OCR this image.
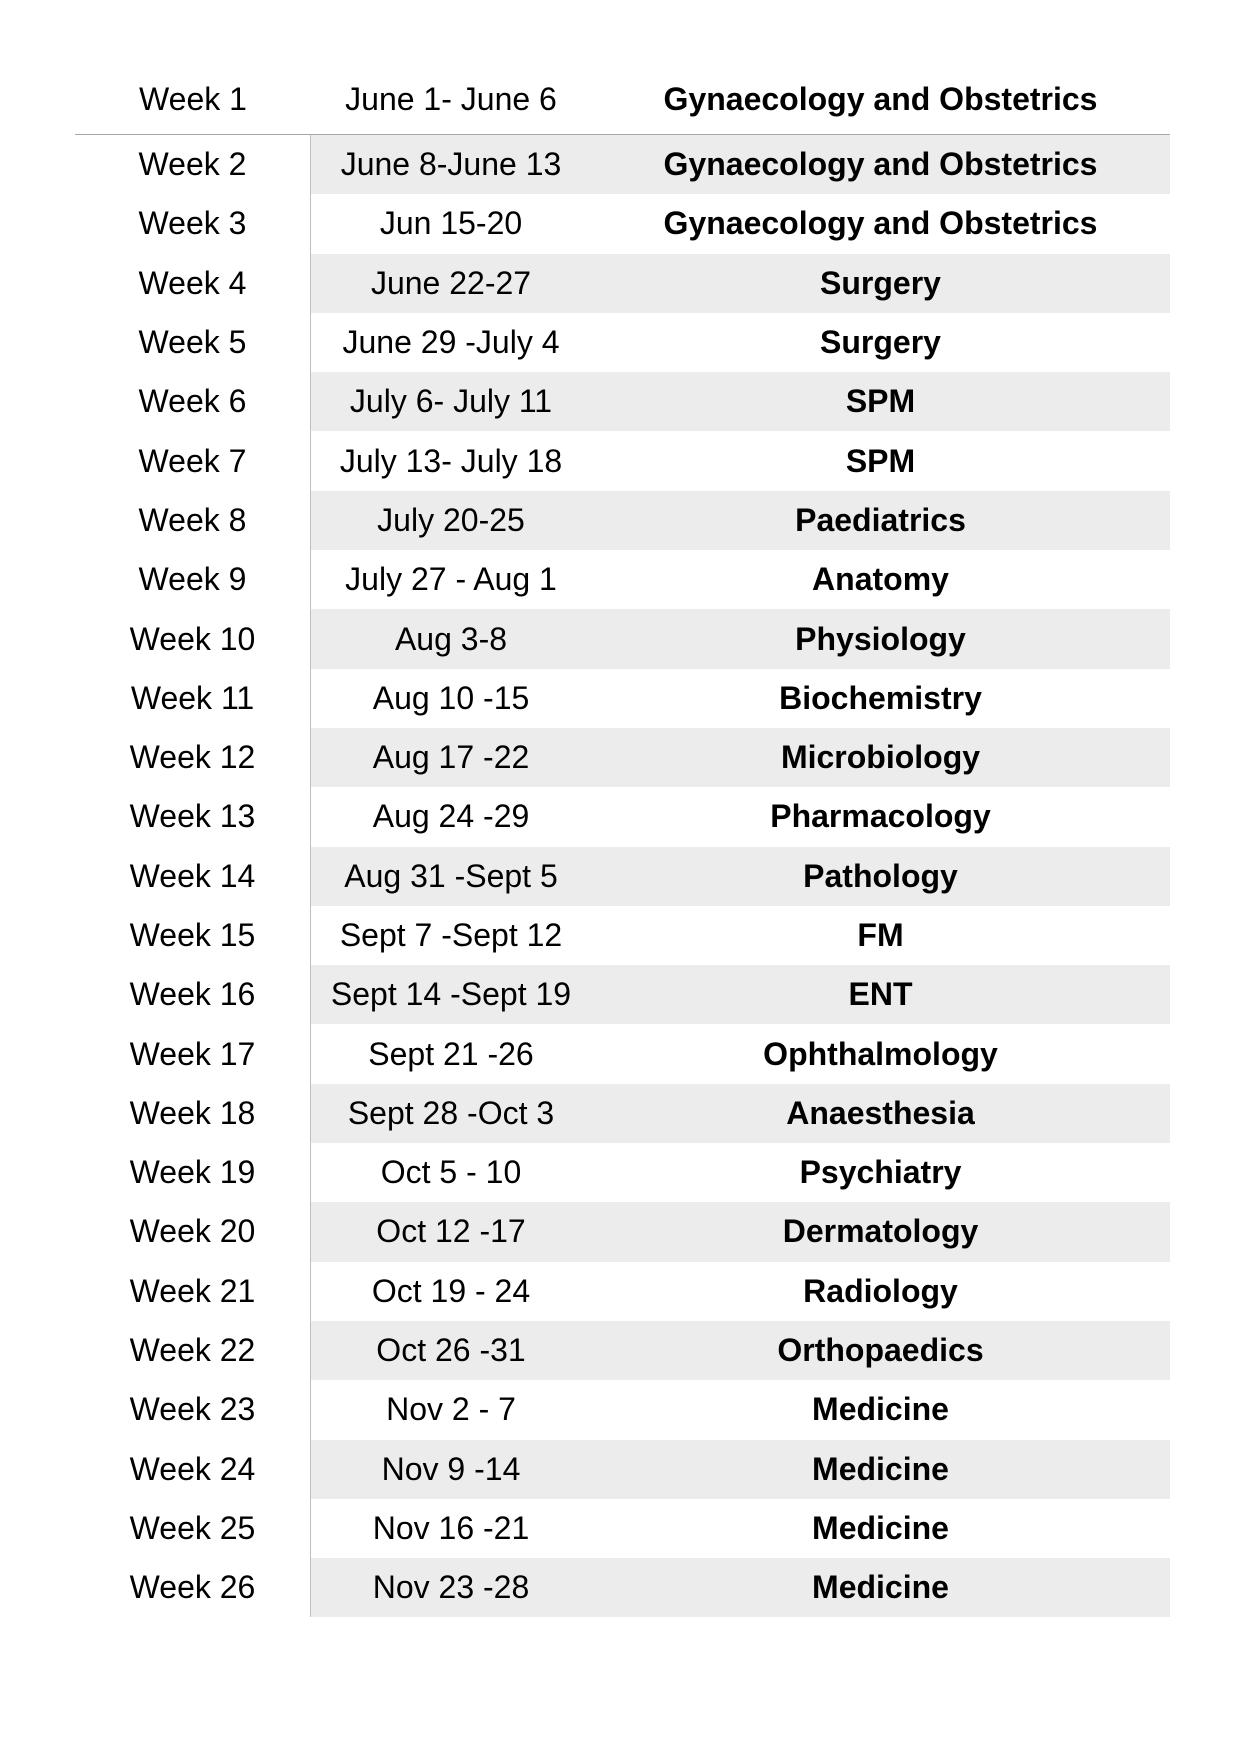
Week 1	June 1- June 6	Gynaecology and Obstetrics
Week 2	June 8-June 13	Gynaecology and Obstetrics
Week 3	Jun 15-20	Gynaecology and Obstetrics
Week 4	June 22-27	Surgery
Week 5	June 29 -July 4	Surgery
Week 6	July 6- July 11	SPM
Week 7	July 13- July 18	SPM
Week 8	July 20-25	Paediatrics
Week 9	July 27 - Aug 1	Anatomy
Week 10	Aug 3-8	Physiology
Week 11	Aug 10 -15	Biochemistry
Week 12	Aug 17 -22	Microbiology
Week 13	Aug 24 -29	Pharmacology
Week 14	Aug 31 -Sept 5	Pathology
Week 15	Sept 7 -Sept 12	FM
Week 16	Sept 14 -Sept 19	ENT
Week 17	Sept 21 -26	Ophthalmology
Week 18	Sept 28 -Oct 3	Anaesthesia
Week 19	Oct 5 - 10	Psychiatry
Week 20	Oct 12 -17	Dermatology
Week 21	Oct 19 - 24	Radiology
Week 22	Oct 26 -31	Orthopaedics
Week 23	Nov 2 - 7	Medicine
Week 24	Nov 9 -14	Medicine
Week 25	Nov 16 -21	Medicine
Week 26	Nov 23 -28	Medicine
